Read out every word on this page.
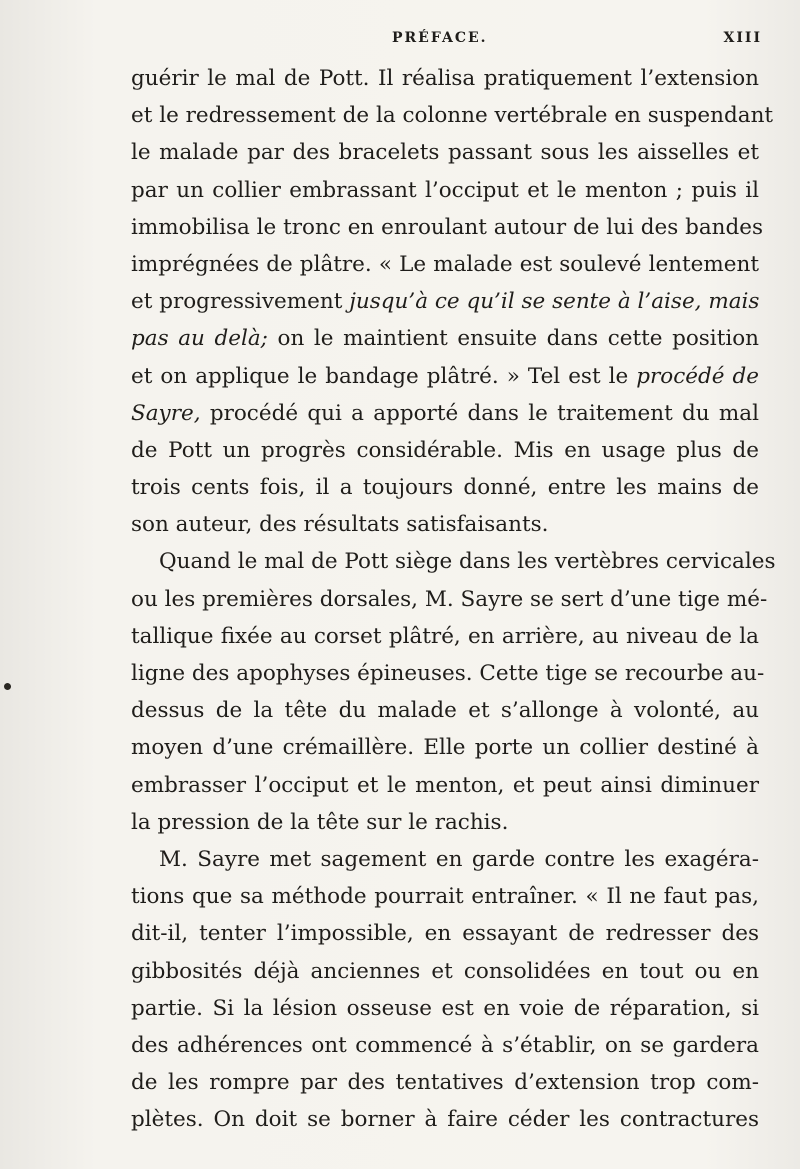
PRÉFACE.	XIII
guérir le mal de Pott. Il réalisa pratiquement l’extension
et le redressement de la colonne vertébrale en suspendant
le malade par des bracelets passant sous les aisselles et
par un collier embrassant l’occiput et le menton ; puis il
immobilisa le tronc en enroulant autour de lui des bandes
imprégnées de plâtre. « Le malade est soulevé lentement
et progressivement jusqu’à ce qu’il se sente à l’aise, mais
pas au delà; on le maintient ensuite dans cette position
et on applique le bandage plâtré. » Tel est le procédé de
Sayre, procédé qui a apporté dans le traitement du mal
de Pott un progrès considérable. Mis en usage plus de
trois cents fois, il a toujours donné, entre les mains de
son auteur, des résultats satisfaisants.
Quand le mal de Pott siège dans les vertèbres cervicales
ou les premières dorsales, M. Sayre se sert d’une tige mé-
tallique fixée au corset plâtré, en arrière, au niveau de la
ligne des apophyses épineuses. Cette tige se recourbe au-
dessus de la tête du malade et s’allonge à volonté, au
moyen d’une crémaillère. Elle porte un collier destiné à
embrasser l’occiput et le menton, et peut ainsi diminuer
la pression de la tête sur le rachis.
M. Sayre met sagement en garde contre les exagéra-
tions que sa méthode pourrait entraîner. « Il ne faut pas,
dit-il, tenter l’impossible, en essayant de redresser des
gibbosités déjà anciennes et consolidées en tout ou en
partie. Si la lésion osseuse est en voie de réparation, si
des adhérences ont commencé à s’établir, on se gardera
de les rompre par des tentatives d’extension trop com-
plètes. On doit se borner à faire céder les contractures
